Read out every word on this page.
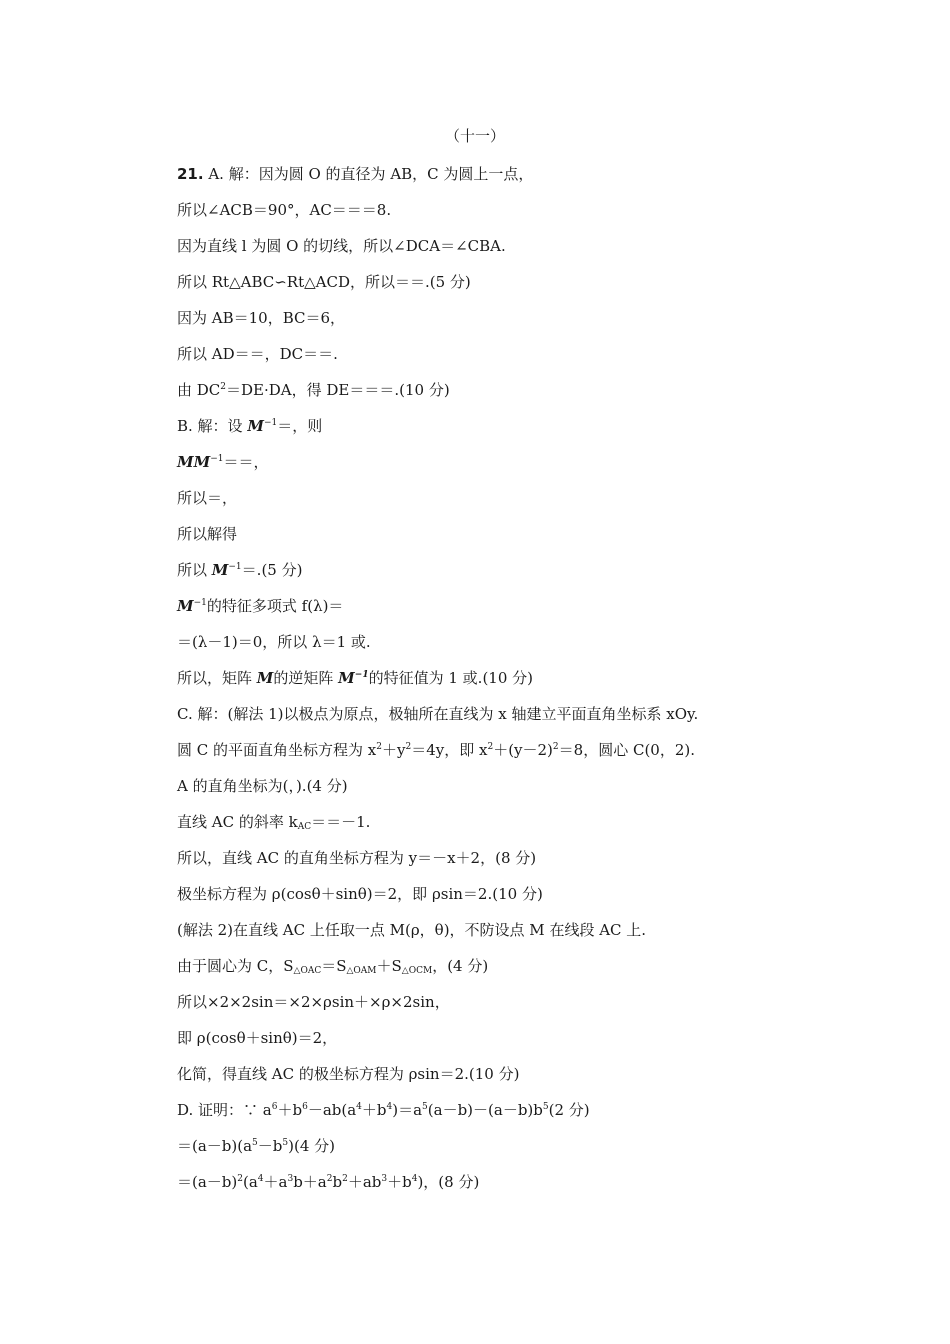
（十一）
21. A. 解：因为圆 O 的直径为 AB，C 为圆上一点，
所以∠ACB＝90°，AC＝＝＝8.
因为直线 l 为圆 O 的切线，所以∠DCA＝∠CBA.
所以 Rt△ABC∽Rt△ACD，所以＝＝.(5 分)
因为 AB＝10，BC＝6，
所以 AD＝＝，DC＝＝.
由 $DC^2=DE\cdot DA$，得 DE＝＝＝.(10 分)
B. 解：设 $M^{-1}=$，则
$MM^{-1}==$，
所以＝，
所以解得
所以 $M^{-1}=.(5$ 分)
$M^{-1}$的特征多项式 f(λ)＝
＝(λ－1)＝0，所以 λ＝1 或.
所以，矩阵 M的逆矩阵 $M^{-1}$的特征值为 1 或.(10 分)
C. 解：(解法 1)以极点为原点，极轴所在直线为 x 轴建立平面直角坐标系 xOy.
圆 C 的平面直角坐标方程为 $x^2+y^2=4y$，即 $x^2+(y-2)^2=8$，圆心 C(0，2).
A 的直角坐标为(，).(4 分)
直线 AC 的斜率 $k_{AC}==-1$.
所以，直线 AC 的直角坐标方程为 y＝－x＋2，(8 分)
极坐标方程为 ρ(cosθ＋sinθ)＝2，即 ρsin＝2.(10 分)
(解法 2)在直线 AC 上任取一点 M(ρ，θ)，不防设点 M 在线段 AC 上.
由于圆心为 C，$S_{\triangle OAC}=S_{\triangle OAM}+S_{\triangle OCM}$，(4 分)
所以×2×2sin＝×2×ρsin＋×ρ×2sin，
即 ρ(cosθ＋sinθ)＝2，
化简，得直线 AC 的极坐标方程为 ρsin＝2.(10 分)
D. 证明：∵ $a^6+b^6-ab(a^4+b^4)=a^5(a-b)-(a-b)b^5(2$ 分)
$=(a-b)(a^5-b^5)(4$ 分)
$=(a-b)^2(a^4+a^3b+a^2b^2+ab^3+b^4)$，(8 分)
